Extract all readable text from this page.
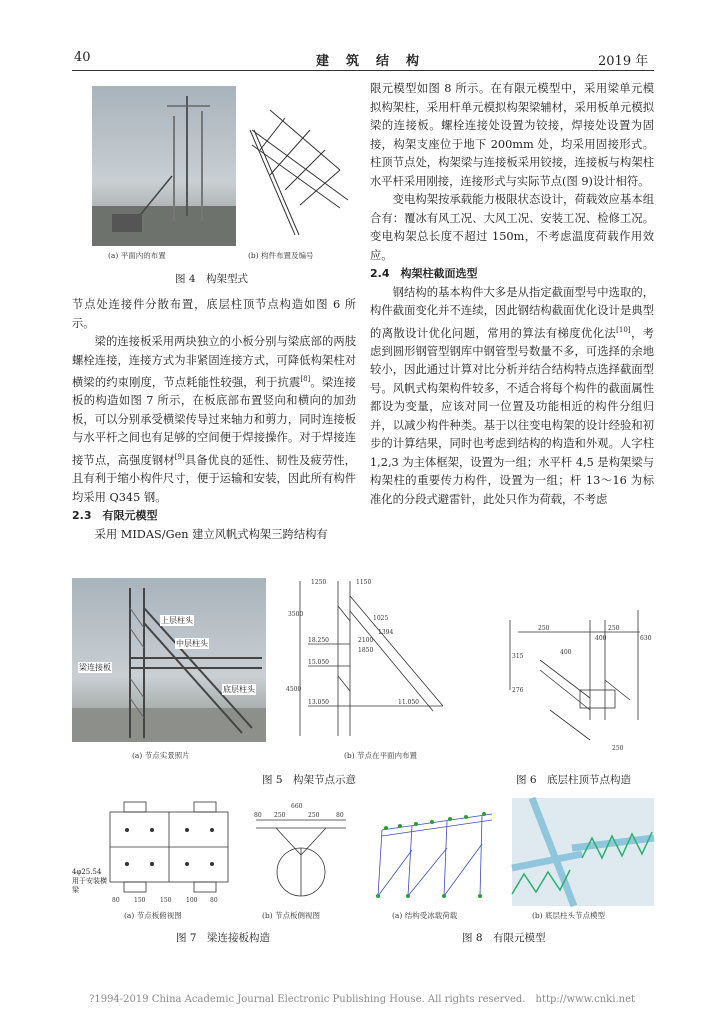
40	建　筑　结　构	2019 年
(a) 平面内的布置	(b) 构件布置及编号
图 4　构架型式

节点处连接件分散布置，底层柱顶节点构造如图 6 所示。

梁的连接板采用两块独立的小板分别与梁底部的两肢螺栓连接，连接方式为非紧固连接方式，可降低构架柱对横梁的约束刚度，节点耗能性较强，利于抗震[8]。梁连接板的构造如图 7 所示，在板底部布置竖向和横向的加劲板，可以分别承受横梁传导过来轴力和剪力，同时连接板与水平杆之间也有足够的空间便于焊接操作。对于焊接连接节点，高强度钢材[9]具备优良的延性、韧性及疲劳性，且有利于缩小构件尺寸，便于运输和安装，因此所有构件均采用 Q345 钢。

2.3　有限元模型

采用 MIDAS/Gen 建立风帆式构架三跨结构有

限元模型如图 8 所示。在有限元模型中，采用梁单元模拟构架柱，采用杆单元模拟构架梁辅材，采用板单元模拟梁的连接板。螺栓连接处设置为铰接，焊接处设置为固接，构架支座位于地下 200mm 处，均采用固接形式。柱顶节点处，构架梁与连接板采用铰接，连接板与构架柱水平杆采用刚接，连接形式与实际节点(图 9)设计相符。

变电构架按承载能力极限状态设计，荷载效应基本组合有：覆冰有风工况、大风工况、安装工况、检修工况。变电构架总长度不超过 150m，不考虑温度荷载作用效应。

2.4　构架柱截面选型

钢结构的基本构件大多是从指定截面型号中选取的，构件截面变化并不连续，因此钢结构截面优化设计是典型的离散设计优化问题，常用的算法有梯度优化法[10]，考虑到圆形钢管型钢库中钢管型号数量不多，可选择的余地较小，因此通过计算对比分析并结合结构特点选择截面型号。风帆式构架构件较多，不适合将每个构件的截面属性都设为变量，应该对同一位置及功能相近的构件分组归并，以减少构件种类。基于以往变电构架的设计经验和初步的计算结果，同时也考虑到结构的构造和外观。人字柱 1,2,3 为主体框架，设置为一组；水平杆 4,5 是构架梁与构架柱的重要传力构件，设置为一组；杆 13～16 为标准化的分段式避雷针，此处只作为荷载，不考虑

上层柱头
中层柱头
梁连接板
底层柱头
(a) 节点实景照片
1250
3500
1150
1025
4500
1394
2100
1850
18.250
15.050
13.050	11.050
(b) 节点在平面内布置
250	250
400
315
276
400
630
250
图 5　构架节点示意	图 6　底层柱顶节点构造
80 150 150 100 80
4φ25.54 用于安装横梁
(a) 节点板俯视图
660
80 250	250	80
(b) 节点板侧视图	(a) 结构受冰载荷载	(b) 底层柱头节点模型
图 7　梁连接板构造	图 8　有限元模型
?1994-2019 China Academic Journal Electronic Publishing House. All rights reserved.　http://www.cnki.net
